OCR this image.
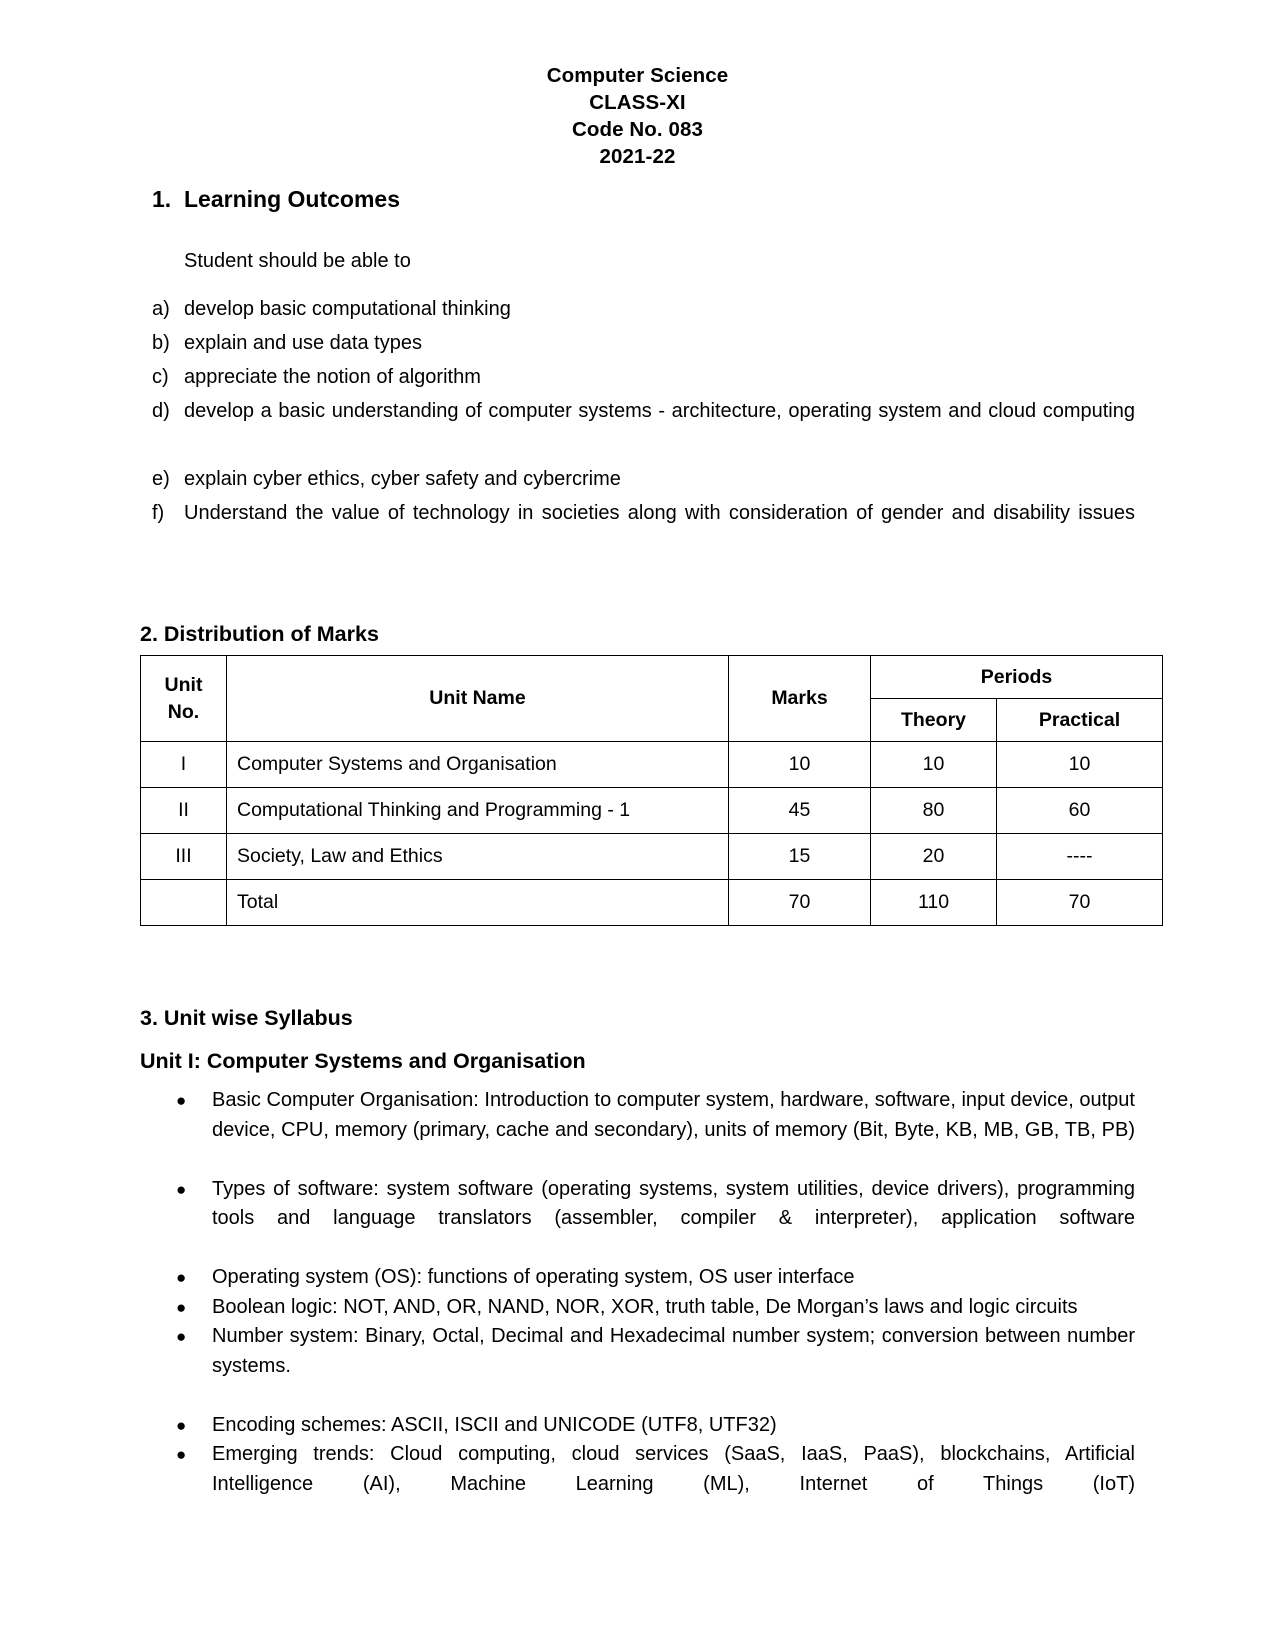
Computer Science
CLASS-XI
Code No. 083
2021-22
1. Learning Outcomes

Student should be able to

a) develop basic computational thinking
b) explain and use data types
c) appreciate the notion of algorithm
d) develop a basic understanding of computer systems - architecture, operating system and cloud computing
e) explain cyber ethics, cyber safety and cybercrime
f) Understand the value of technology in societies along with consideration of gender and disability issues
2. Distribution of Marks
Unit No.	Unit Name	Marks	Periods	
			Theory	Practical
I	Computer Systems and Organisation	10	10	10
II	Computational Thinking and Programming - 1	45	80	60
III	Society, Law and Ethics	15	20	----
	Total	70	110	70
3. Unit wise Syllabus
Unit I: Computer Systems and Organisation
●	Basic Computer Organisation: Introduction to computer system, hardware, software, input device, output device, CPU, memory (primary, cache and secondary), units of memory (Bit, Byte, KB, MB, GB, TB, PB)
●	Types of software: system software (operating systems, system utilities, device drivers), programming tools and language translators (assembler, compiler & interpreter), application software
●	Operating system (OS): functions of operating system, OS user interface
●	Boolean logic: NOT, AND, OR, NAND, NOR, XOR, truth table, De Morgan’s laws and logic circuits
●	Number system: Binary, Octal, Decimal and Hexadecimal number system; conversion between number systems.
●	Encoding schemes: ASCII, ISCII and UNICODE (UTF8, UTF32)
●	Emerging trends: Cloud computing, cloud services (SaaS, IaaS, PaaS), blockchains, Artificial Intelligence (AI), Machine Learning (ML), Internet of Things (IoT)
